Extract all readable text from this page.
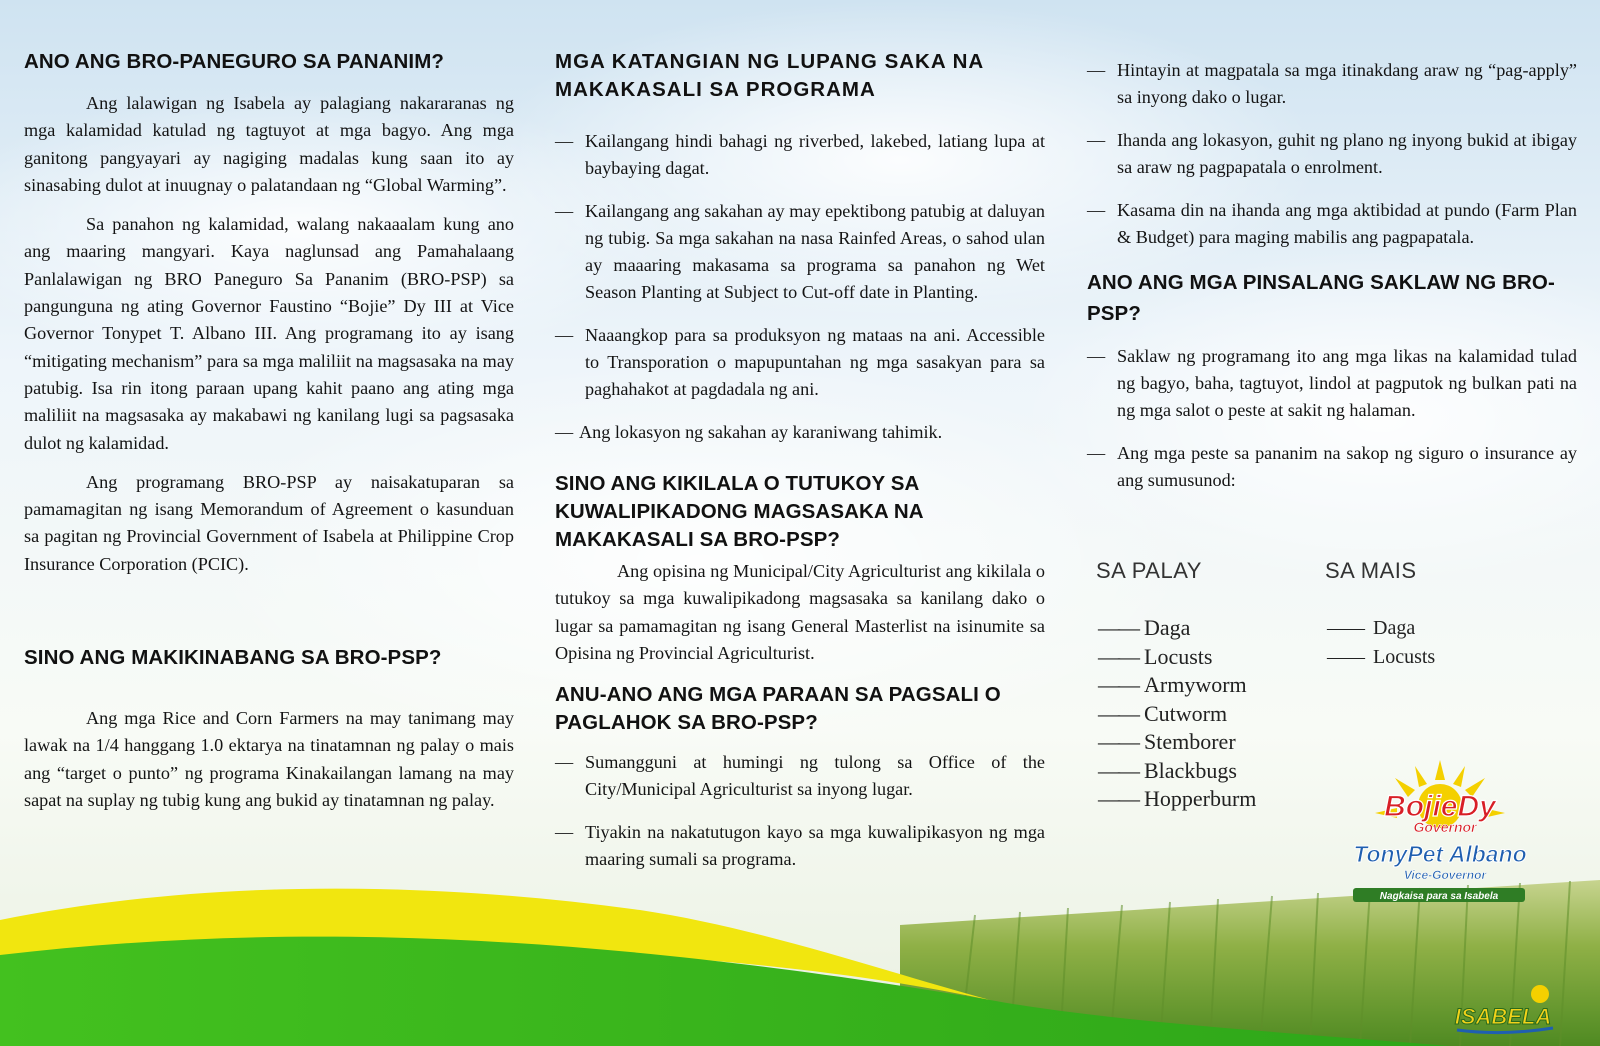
ANO ANG BRO-PANEGURO SA PANANIM?

Ang lalawigan ng Isabela ay palagiang nakararanas ng mga kalamidad katulad ng tagtuyot at mga bagyo. Ang mga ganitong pangyayari ay nagiging madalas kung saan ito ay sinasabing dulot at inuugnay o palatandaan ng “Global Warming”.

Sa panahon ng kalamidad, walang nakaaalam kung ano ang maaring mangyari. Kaya naglunsad ang Pamahalaang Panlalawigan ng BRO Paneguro Sa Pananim (BRO-PSP) sa pangunguna ng ating Governor Faustino “Bojie” Dy III at Vice Governor Tonypet T. Albano III. Ang programang ito ay isang “mitigating mechanism” para sa mga maliliit na magsasaka na may patubig. Isa rin itong paraan upang kahit paano ang ating mga maliliit na magsasaka ay makabawi ng kanilang lugi sa pagsasaka dulot ng kalamidad.

Ang programang BRO-PSP ay naisakatuparan sa pamamagitan ng isang Memorandum of Agreement o kasunduan sa pagitan ng Provincial Government of Isabela at Philippine Crop Insurance Corporation (PCIC).

SINO ANG MAKIKINABANG SA BRO-PSP?

Ang mga Rice and Corn Farmers na may tanimang may lawak na 1/4 hanggang 1.0 ektarya na tinatamnan ng palay o mais ang “target o punto” ng programa Kinakailangan lamang na may sapat na suplay ng tubig kung ang bukid ay tinatamnan ng palay.

MGA KATANGIAN NG LUPANG SAKA NA MAKAKASALI SA PROGRAMA
— Kailangang hindi bahagi ng riverbed, lakebed, latiang lupa at baybaying dagat.
— Kailangang ang sakahan ay may epektibong patubig at daluyan ng tubig. Sa mga sakahan na nasa Rainfed Areas, o sahod ulan ay maaaring makasama sa programa sa panahon ng Wet Season Planting at Subject to Cut-off date in Planting.
— Naaangkop para sa produksyon ng mataas na ani. Accessible to Transporation o mapupuntahan ng mga sasakyan para sa paghahakot at pagdadala ng ani.
— Ang lokasyon ng sakahan ay karaniwang tahimik.
SINO ANG KIKILALA O TUTUKOY SA KUWALIPIKADONG MAGSASAKA NA MAKAKASALI SA BRO-PSP?

Ang opisina ng Municipal/City Agriculturist ang kikilala o tutukoy sa mga kuwalipikadong magsasaka sa kanilang dako o lugar sa pamamagitan ng isang General Masterlist na isinumite sa Opisina ng Provincial Agriculturist.

ANU-ANO ANG MGA PARAAN SA PAGSALI O PAGLAHOK SA BRO-PSP?
— Sumangguni at humingi ng tulong sa Office of the City/Municipal Agriculturist sa inyong lugar.
— Tiyakin na nakatutugon kayo sa mga kuwalipikasyon ng mga maaring sumali sa programa.
— Hintayin at magpatala sa mga itinakdang araw ng “pag-apply” sa inyong dako o lugar.
— Ihanda ang lokasyon, guhit ng plano ng inyong bukid at ibigay sa araw ng pagpapatala o enrolment.
— Kasama din na ihanda ang mga aktibidad at pundo (Farm Plan & Budget) para maging mabilis ang pagpapatala.
ANO ANG MGA PINSALANG SAKLAW NG BRO-PSP?
— Saklaw ng programang ito ang mga likas na kalamidad tulad ng bagyo, baha, tagtuyot, lindol at pagputok ng bulkan pati na ng mga salot o peste at sakit ng halaman.
— Ang mga peste sa pananim na sakop ng siguro o insurance ay ang sumusunod:
SA PALAY	SA MAIS
—— Daga
—— Locusts
—— Armyworm
—— Cutworm
—— Stemborer
—— Blackbugs
—— Hopperburm
—— Daga
—— Locusts
BojieDy
Governor
TonyPet Albano
Vice-Governor
Nagkaisa para sa Isabela
ISABELA
